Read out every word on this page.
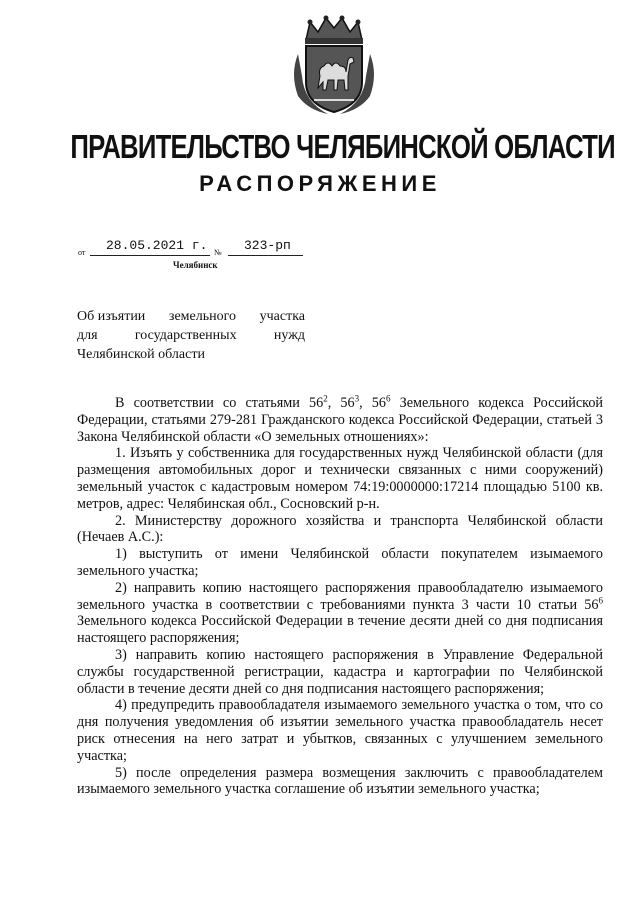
ПРАВИТЕЛЬСТВО ЧЕЛЯБИНСКОЙ ОБЛАСТИ
РАСПОРЯЖЕНИЕ
от 28.05.2021 г. № 323-рп
Челябинск
Об изъятии земельного участка
для	государственных	нужд
Челябинской области

В соответствии со статьями $56^2$, $56^3$, $56^6$ Земельного кодекса Российской Федерации, статьями 279-281 Гражданского кодекса Российской Федерации, статьей 3 Закона Челябинской области «О земельных отношениях»:

1. Изъять у собственника для государственных нужд Челябинской области (для размещения автомобильных дорог и технически связанных с ними сооружений) земельный участок с кадастровым номером 74:19:0000000:17214 площадью 5100 кв. метров, адрес: Челябинская обл., Сосновский р-н.

2. Министерству дорожного хозяйства и транспорта Челябинской области (Нечаев А.С.):

1) выступить от имени Челябинской области покупателем изымаемого земельного участка;

2) направить копию настоящего распоряжения правообладателю изымаемого земельного участка в соответствии с требованиями пункта 3 части 10 статьи $56^6$ Земельного кодекса Российской Федерации в течение десяти дней со дня подписания настоящего распоряжения;

3) направить копию настоящего распоряжения в Управление Федеральной службы государственной регистрации, кадастра и картографии по Челябинской области в течение десяти дней со дня подписания настоящего распоряжения;

4) предупредить правообладателя изымаемого земельного участка о том, что со дня получения уведомления об изъятии земельного участка правообладатель несет риск отнесения на него затрат и убытков, связанных с улучшением земельного участка;

5) после определения размера возмещения заключить с правообладателем изымаемого земельного участка соглашение об изъятии земельного участка;
